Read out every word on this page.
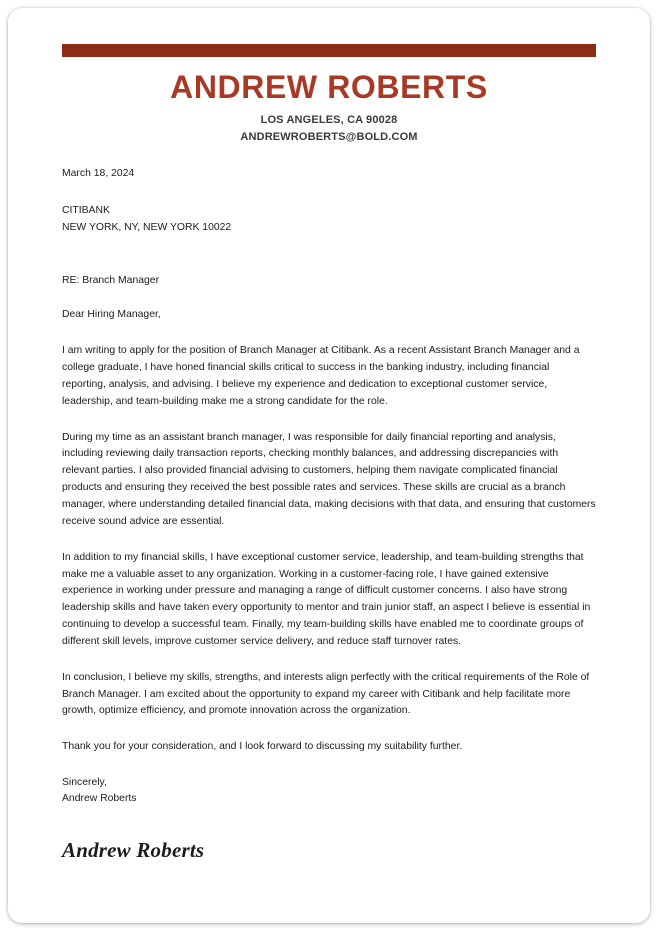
ANDREW ROBERTS
LOS ANGELES, CA 90028
ANDREWROBERTS@BOLD.COM

March 18, 2024

CITIBANK
NEW YORK, NY, NEW YORK 10022

RE: Branch Manager

Dear Hiring Manager,

I am writing to apply for the position of Branch Manager at Citibank. As a recent Assistant Branch Manager and a college graduate, I have honed financial skills critical to success in the banking industry, including financial reporting, analysis, and advising. I believe my experience and dedication to exceptional customer service, leadership, and team-building make me a strong candidate for the role.

During my time as an assistant branch manager, I was responsible for daily financial reporting and analysis, including reviewing daily transaction reports, checking monthly balances, and addressing discrepancies with relevant parties. I also provided financial advising to customers, helping them navigate complicated financial products and ensuring they received the best possible rates and services. These skills are crucial as a branch manager, where understanding detailed financial data, making decisions with that data, and ensuring that customers receive sound advice are essential.

In addition to my financial skills, I have exceptional customer service, leadership, and team-building strengths that make me a valuable asset to any organization. Working in a customer-facing role, I have gained extensive experience in working under pressure and managing a range of difficult customer concerns. I also have strong leadership skills and have taken every opportunity to mentor and train junior staff, an aspect I believe is essential in continuing to develop a successful team. Finally, my team-building skills have enabled me to coordinate groups of different skill levels, improve customer service delivery, and reduce staff turnover rates.

In conclusion, I believe my skills, strengths, and interests align perfectly with the critical requirements of the Role of Branch Manager. I am excited about the opportunity to expand my career with Citibank and help facilitate more growth, optimize efficiency, and promote innovation across the organization.

Thank you for your consideration, and I look forward to discussing my suitability further.

Sincerely,
Andrew Roberts

Andrew Roberts
